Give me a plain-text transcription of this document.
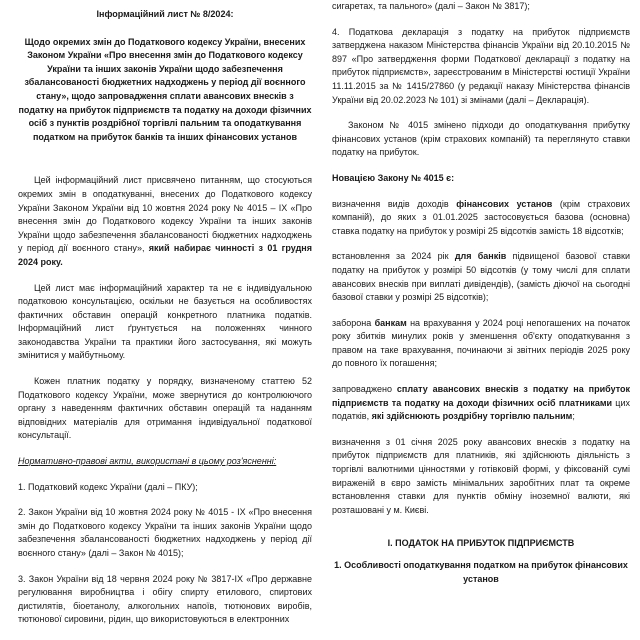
Інформаційний лист № 8/2024:

Щодо окремих змін до Податкового кодексу України, внесених Законом України «Про внесення змін до Податкового кодексу України та інших законів України щодо забезпечення збалансованості бюджетних надходжень у період дії воєнного стану», щодо запровадження сплати авансових внесків з податку на прибуток підприємств та податку на доходи фізичних осіб з пунктів роздрібної торгівлі пальним та оподаткування податком на прибуток банків та інших фінансових установ

Цей інформаційний лист присвячено питанням, що стосуються окремих змін в оподаткуванні, внесених до Податкового кодексу України Законом України від 10 жовтня 2024 року № 4015 – IX «Про внесення змін до Податкового кодексу України та інших законів України щодо забезпечення збалансованості бюджетних надходжень у період дії воєнного стану», який набирає чинності з 01 грудня 2024 року.

Цей лист має інформаційний характер та не є індивідуальною податковою консультацією, оскільки не базується на особливостях фактичних обставин операцій конкретного платника податків. Інформаційний лист ґрунтується на положеннях чинного законодавства України та практики його застосування, які можуть змінитися у майбутньому.

Кожен платник податку у порядку, визначеному статтею 52 Податкового кодексу України, може звернутися до контролюючого органу з наведенням фактичних обставин операцій та наданням відповідних матеріалів для отримання індивідуальної податкової консультації.

Нормативно-правові акти, використані в цьому роз'ясненні:

1. Податковий кодекс України (далі – ПКУ);

2. Закон України від 10 жовтня 2024 року № 4015 - IX «Про внесення змін до Податкового кодексу України та інших законів України щодо забезпечення збалансованості бюджетних надходжень у період дії воєнного стану» (далі – Закон № 4015);

3. Закон України від 18 червня 2024 року № 3817-IX «Про державне регулювання виробництва і обігу спирту етилового, спиртових дистилятів, біоетанолу, алкогольних напоїв, тютюнових виробів, тютюнової сировини, рідин, що використовуються в електронних

сигаретах, та пального» (далі – Закон № 3817);

4. Податкова декларація з податку на прибуток підприємств затверджена наказом Міністерства фінансів України від 20.10.2015 № 897 «Про затвердження форми Податкової декларації з податку на прибуток підприємств», зареєстрованим в Міністерстві юстиції України 11.11.2015 за № 1415/27860 (у редакції наказу Міністерства фінансів України від 20.02.2023 № 101) зі змінами (далі – Декларація).

Законом № 4015 змінено підходи до оподаткування прибутку фінансових установ (крім страхових компаній) та переглянуто ставки податку на прибуток.

Новацією Закону № 4015 є:

визначення видів доходів фінансових установ (крім страхових компаній), до яких з 01.01.2025 застосовується базова (основна) ставка податку на прибуток у розмірі 25 відсотків замість 18 відсотків;

встановлення за 2024 рік для банків підвищеної базової ставки податку на прибуток у розмірі 50 відсотків (у тому числі для сплати авансових внесків при виплаті дивідендів), (замість діючої на сьогодні базової ставки у розмірі 25 відсотків);

заборона банкам на врахування у 2024 році непогашених на початок року збитків минулих років у зменшення об'єкту оподаткування з правом на таке врахування, починаючи зі звітних періодів 2025 року до повного їх погашення;

запроваджено сплату авансових внесків з податку на прибуток підприємств та податку на доходи фізичних осіб платниками цих податків, які здійснюють роздрібну торгівлю пальним;

визначення з 01 січня 2025 року авансових внесків з податку на прибуток підприємств для платників, які здійснюють діяльність з торгівлі валютними цінностями у готівковій формі, у фіксованій сумі вираженій в євро замість мінімальних заробітних плат та окреме встановлення ставки для пунктів обміну іноземної валюти, які розташовані у м. Києві.

I. ПОДАТОК НА ПРИБУТОК ПІДПРИЄМСТВ

1. Особливості оподаткування податком на прибуток фінансових установ
